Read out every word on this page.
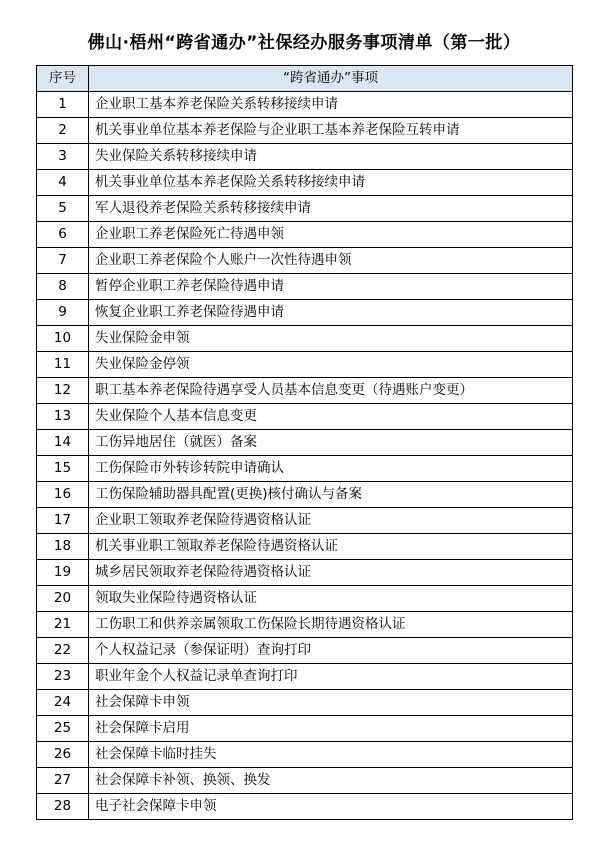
佛山·梧州“跨省通办”社保经办服务事项清单（第一批）
序号	“跨省通办”事项
1	企业职工基本养老保险关系转移接续申请
2	机关事业单位基本养老保险与企业职工基本养老保险互转申请
3	失业保险关系转移接续申请
4	机关事业单位基本养老保险关系转移接续申请
5	军人退役养老保险关系转移接续申请
6	企业职工养老保险死亡待遇申领
7	企业职工养老保险个人账户一次性待遇申领
8	暂停企业职工养老保险待遇申请
9	恢复企业职工养老保险待遇申请
10	失业保险金申领
11	失业保险金停领
12	职工基本养老保险待遇享受人员基本信息变更（待遇账户变更）
13	失业保险个人基本信息变更
14	工伤异地居住（就医）备案
15	工伤保险市外转诊转院申请确认
16	工伤保险辅助器具配置(更换)核付确认与备案
17	企业职工领取养老保险待遇资格认证
18	机关事业职工领取养老保险待遇资格认证
19	城乡居民领取养老保险待遇资格认证
20	领取失业保险待遇资格认证
21	工伤职工和供养亲属领取工伤保险长期待遇资格认证
22	个人权益记录（参保证明）查询打印
23	职业年金个人权益记录单查询打印
24	社会保障卡申领
25	社会保障卡启用
26	社会保障卡临时挂失
27	社会保障卡补领、换领、换发
28	电子社会保障卡申领
